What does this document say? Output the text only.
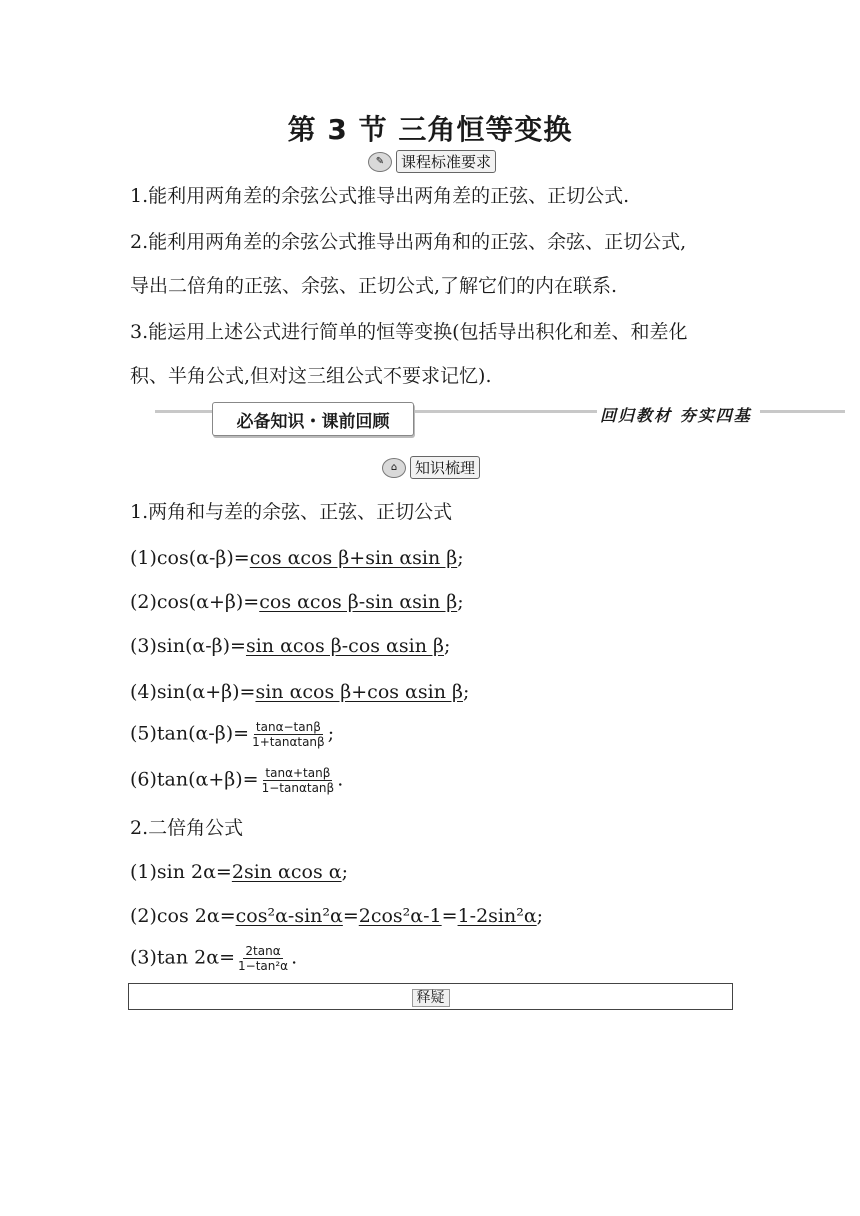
第 3 节 三角恒等变换
✎	课程标准要求
1.能利用两角差的余弦公式推导出两角差的正弦、正切公式.
2.能利用两角差的余弦公式推导出两角和的正弦、余弦、正切公式,
导出二倍角的正弦、余弦、正切公式,了解它们的内在联系.
3.能运用上述公式进行简单的恒等变换(包括导出积化和差、和差化
积、半角公式,但对这三组公式不要求记忆).
必备知识・课前回顾	回归教材 夯实四基
⌂	知识梳理
1.两角和与差的余弦、正弦、正切公式
(1)cos(α-β)=cos αcos β+sin αsin β;
(2)cos(α+β)=cos αcos β-sin αsin β;
(3)sin(α-β)=sin αcos β-cos αsin β;
(4)sin(α+β)=sin αcos β+cos αsin β;
$(5)\tan(\alpha-\beta)= \frac{\tan\alpha-\tan\beta}{1+\tan\alpha\tan\beta}$ ;
$(6)\tan(\alpha+\beta)= \frac{\tan\alpha+\tan\beta}{1-\tan\alpha\tan\beta}$ .
2.二倍角公式
(1)sin 2α=2sin αcos α;
(2)cos 2α=cos²α-sin²α=2cos²α-1=1-2sin²α;
(3)tan $2\alpha= \frac{2\tan\alpha}{\text{1−tan²α}}$ .
释疑
